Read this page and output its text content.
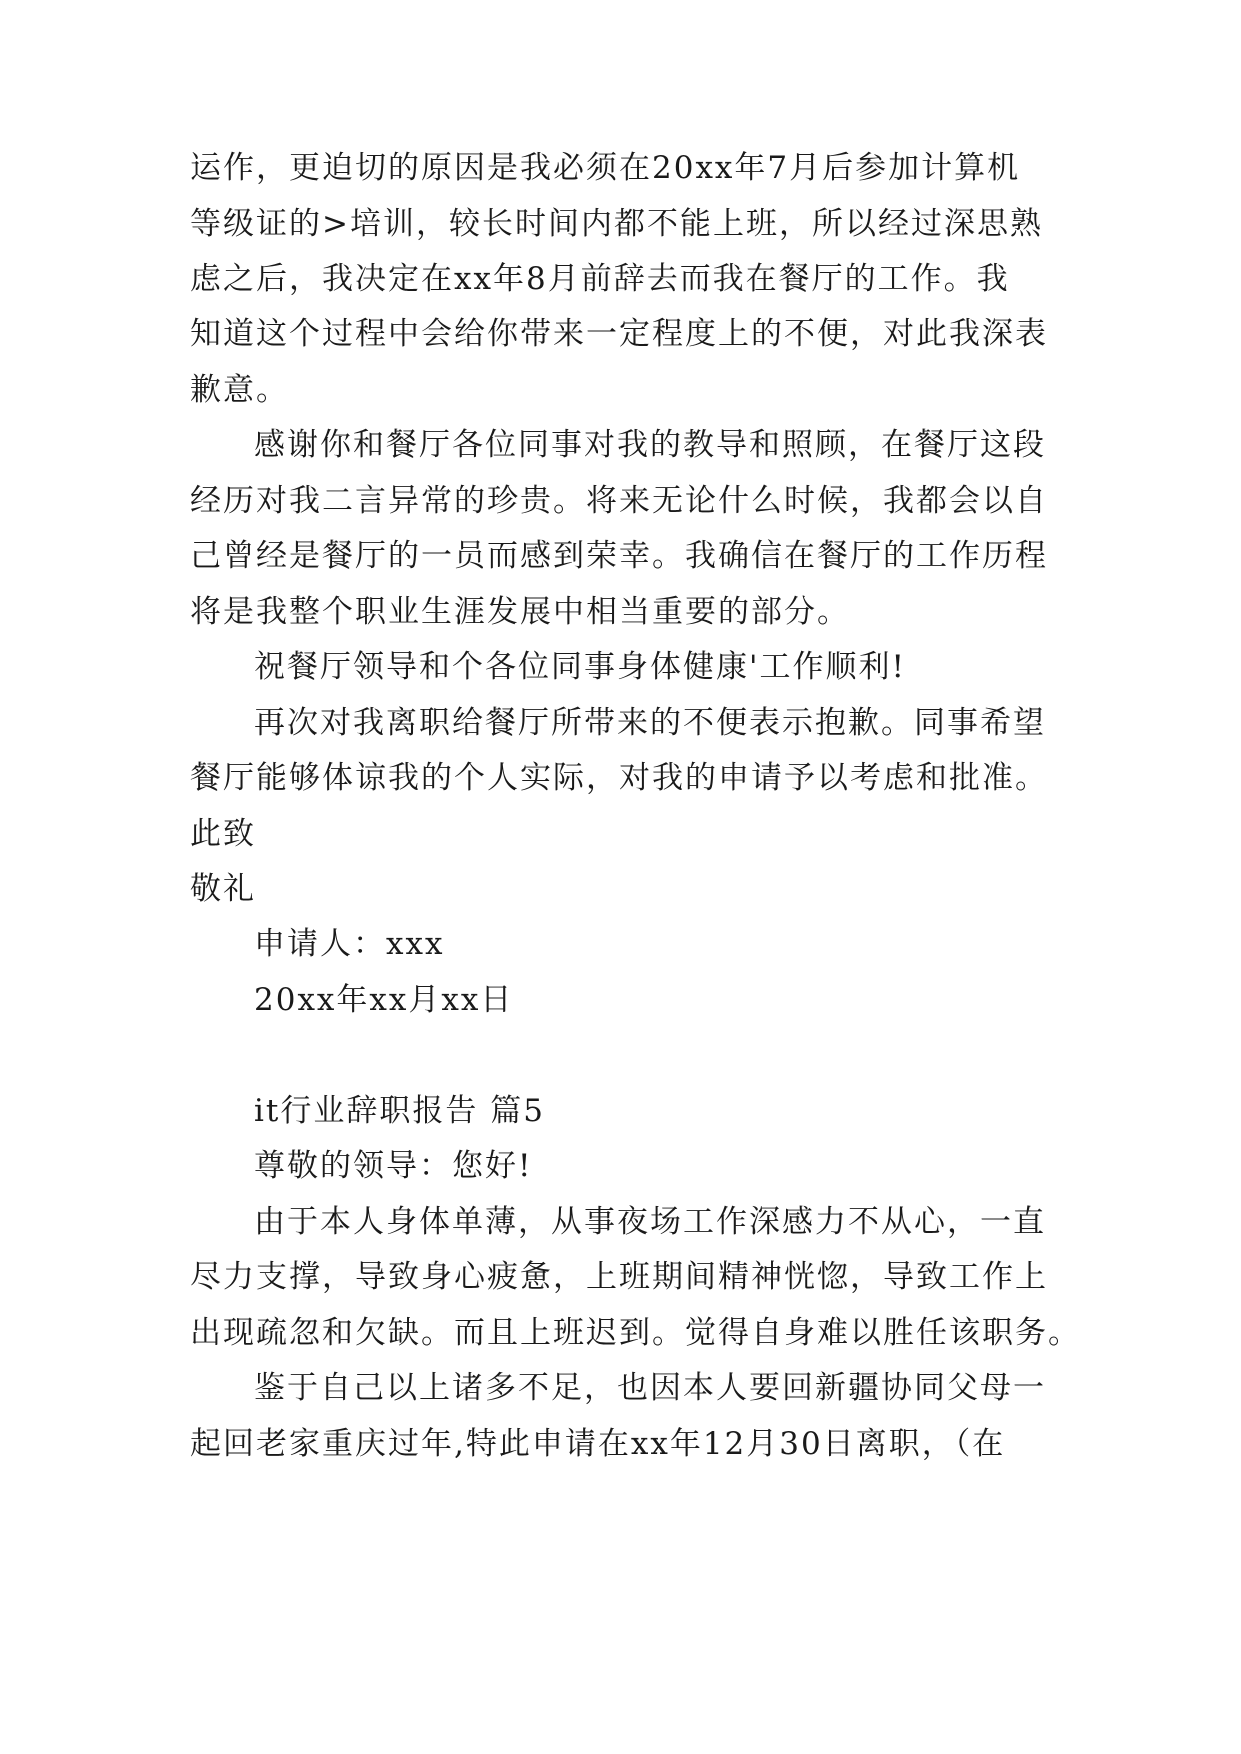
运作，更迫切的原因是我必须在20xx年7月后参加计算机
等级证的>培训，较长时间内都不能上班，所以经过深思熟
虑之后，我决定在xx年8月前辞去而我在餐厅的工作。我
知道这个过程中会给你带来一定程度上的不便，对此我深表
歉意。
感谢你和餐厅各位同事对我的教导和照顾，在餐厅这段
经历对我二言异常的珍贵。将来无论什么时候，我都会以自
己曾经是餐厅的一员而感到荣幸。我确信在餐厅的工作历程
将是我整个职业生涯发展中相当重要的部分。
祝餐厅领导和个各位同事身体健康'工作顺利!
再次对我离职给餐厅所带来的不便表示抱歉。同事希望
餐厅能够体谅我的个人实际，对我的申请予以考虑和批准。
此致
敬礼
申请人：xxx
20xx年xx月xx日
it行业辞职报告 篇5
尊敬的领导：您好!
由于本人身体单薄，从事夜场工作深感力不从心，一直
尽力支撑，导致身心疲惫，上班期间精神恍惚，导致工作上
出现疏忽和欠缺。而且上班迟到。觉得自身难以胜任该职务。
鉴于自己以上诸多不足，也因本人要回新疆协同父母一
起回老家重庆过年,特此申请在xx年12月30日离职，（在
